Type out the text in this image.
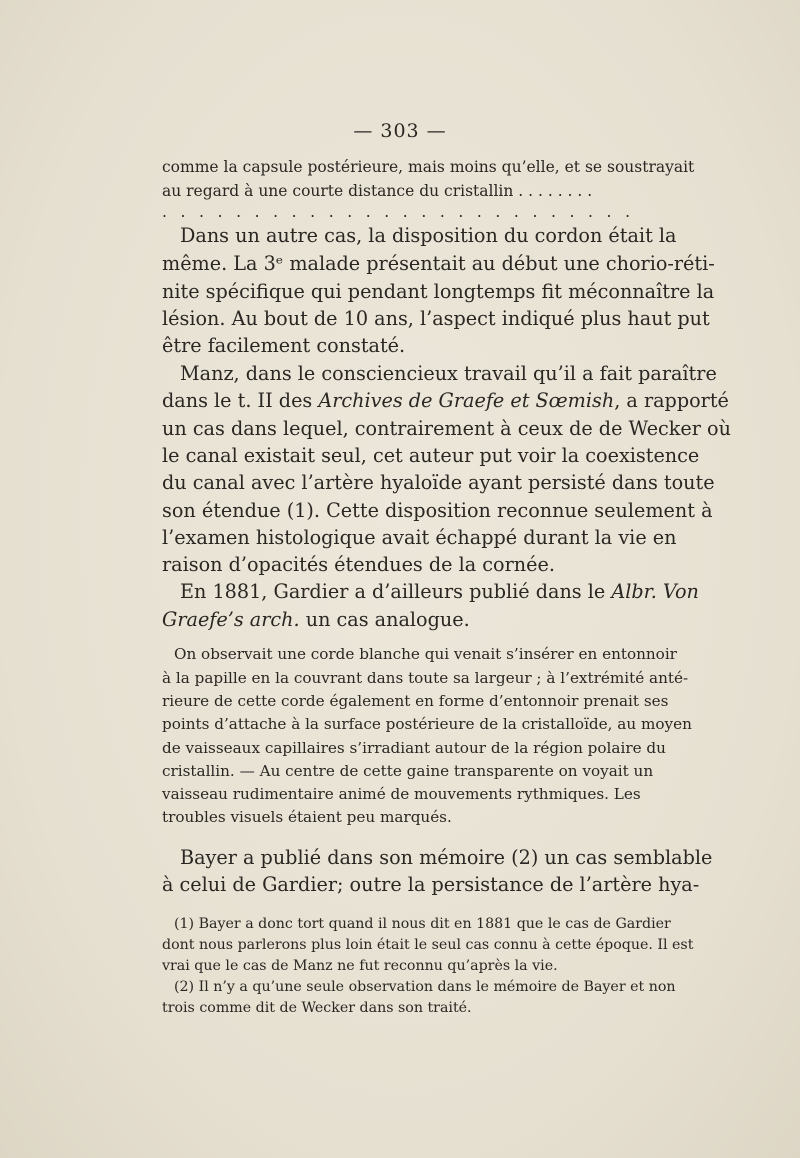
— 303 —
comme la capsule postérieure, mais moins qu’elle, et se soustrayait
au regard à une courte distance du cristallin . . . . . . . .
. . . . . . . . . . . . . . . . . . . . . . . . . .
Dans un autre cas, la disposition du cordon était la
même. La 3ᵉ malade présentait au début une chorio-réti-
nite spécifique qui pendant longtemps fit méconnaître la
lésion. Au bout de 10 ans, l’aspect indiqué plus haut put
être facilement constaté.
Manz, dans le consciencieux travail qu’il a fait paraître
dans le t. II des Archives de Graefe et Sœmish, a rapporté
un cas dans lequel, contrairement à ceux de de Wecker où
le canal existait seul, cet auteur put voir la coexistence
du canal avec l’artère hyaloïde ayant persisté dans toute
son étendue (1). Cette disposition reconnue seulement à
l’examen histologique avait échappé durant la vie en
raison d’opacités étendues de la cornée.
En 1881, Gardier a d’ailleurs publié dans le Albr. Von
Graefe’s arch. un cas analogue.
On observait une corde blanche qui venait s’insérer en entonnoir
à la papille en la couvrant dans toute sa largeur ; à l’extrémité anté-
rieure de cette corde également en forme d’entonnoir prenait ses
points d’attache à la surface postérieure de la cristalloïde, au moyen
de vaisseaux capillaires s’irradiant autour de la région polaire du
cristallin. — Au centre de cette gaine transparente on voyait un
vaisseau rudimentaire animé de mouvements rythmiques. Les
troubles visuels étaient peu marqués.
Bayer a publié dans son mémoire (2) un cas semblable
à celui de Gardier; outre la persistance de l’artère hya-
(1) Bayer a donc tort quand il nous dit en 1881 que le cas de Gardier
dont nous parlerons plus loin était le seul cas connu à cette époque. Il est
vrai que le cas de Manz ne fut reconnu qu’après la vie.
(2) Il n’y a qu’une seule observation dans le mémoire de Bayer et non
trois comme dit de Wecker dans son traité.
